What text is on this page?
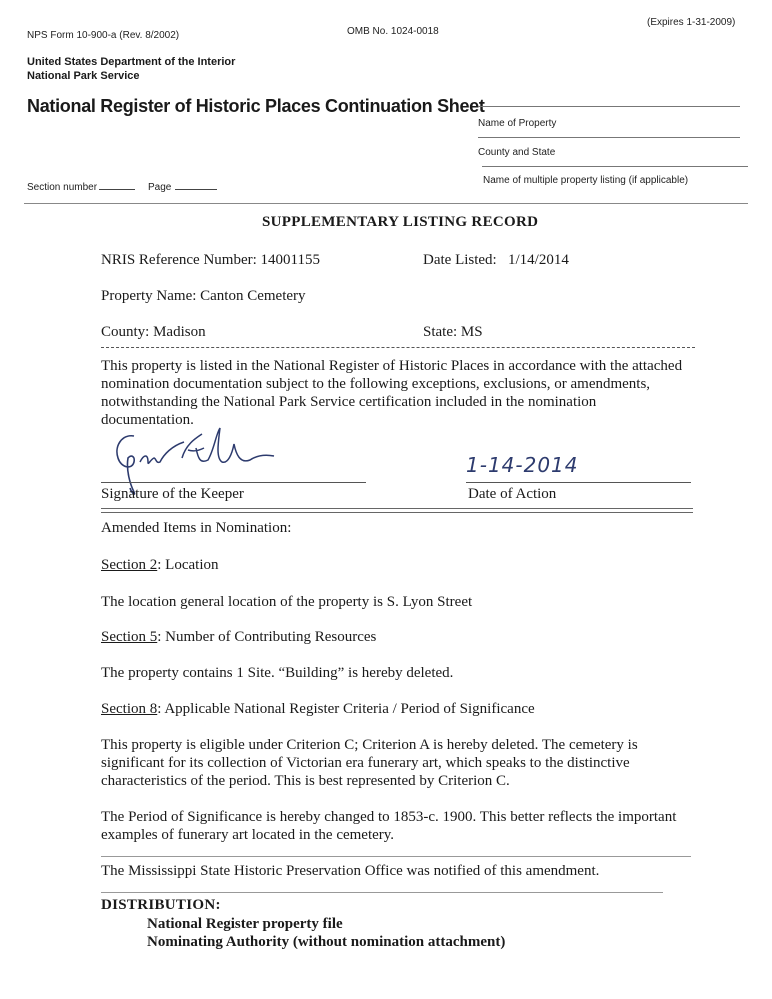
NPS Form 10-900-a (Rev. 8/2002)	OMB No. 1024-0018
(Expires 1-31-2009)
United States Department of the Interior
National Park Service
National Register of Historic Places Continuation Sheet
Name of Property
County and State
Name of multiple property listing (if applicable)
Section number	Page
SUPPLEMENTARY LISTING RECORD
NRIS Reference Number: 14001155	Date Listed: 1/14/2014
Property Name: Canton Cemetery
County: Madison	State: MS
This property is listed in the National Register of Historic Places in accordance with the attached
nomination documentation subject to the following exceptions, exclusions, or amendments,
notwithstanding the National Park Service certification included in the nomination
documentation.
Signature of the Keeper
1-14-2014
Date of Action
Amended Items in Nomination:
Section 2: Location
The location general location of the property is S. Lyon Street
Section 5: Number of Contributing Resources
The property contains 1 Site. “Building” is hereby deleted.
Section 8: Applicable National Register Criteria / Period of Significance
This property is eligible under Criterion C; Criterion A is hereby deleted. The cemetery is
significant for its collection of Victorian era funerary art, which speaks to the distinctive
characteristics of the period. This is best represented by Criterion C.
The Period of Significance is hereby changed to 1853-c. 1900. This better reflects the important
examples of funerary art located in the cemetery.
The Mississippi State Historic Preservation Office was notified of this amendment.
DISTRIBUTION:
National Register property file
Nominating Authority (without nomination attachment)
